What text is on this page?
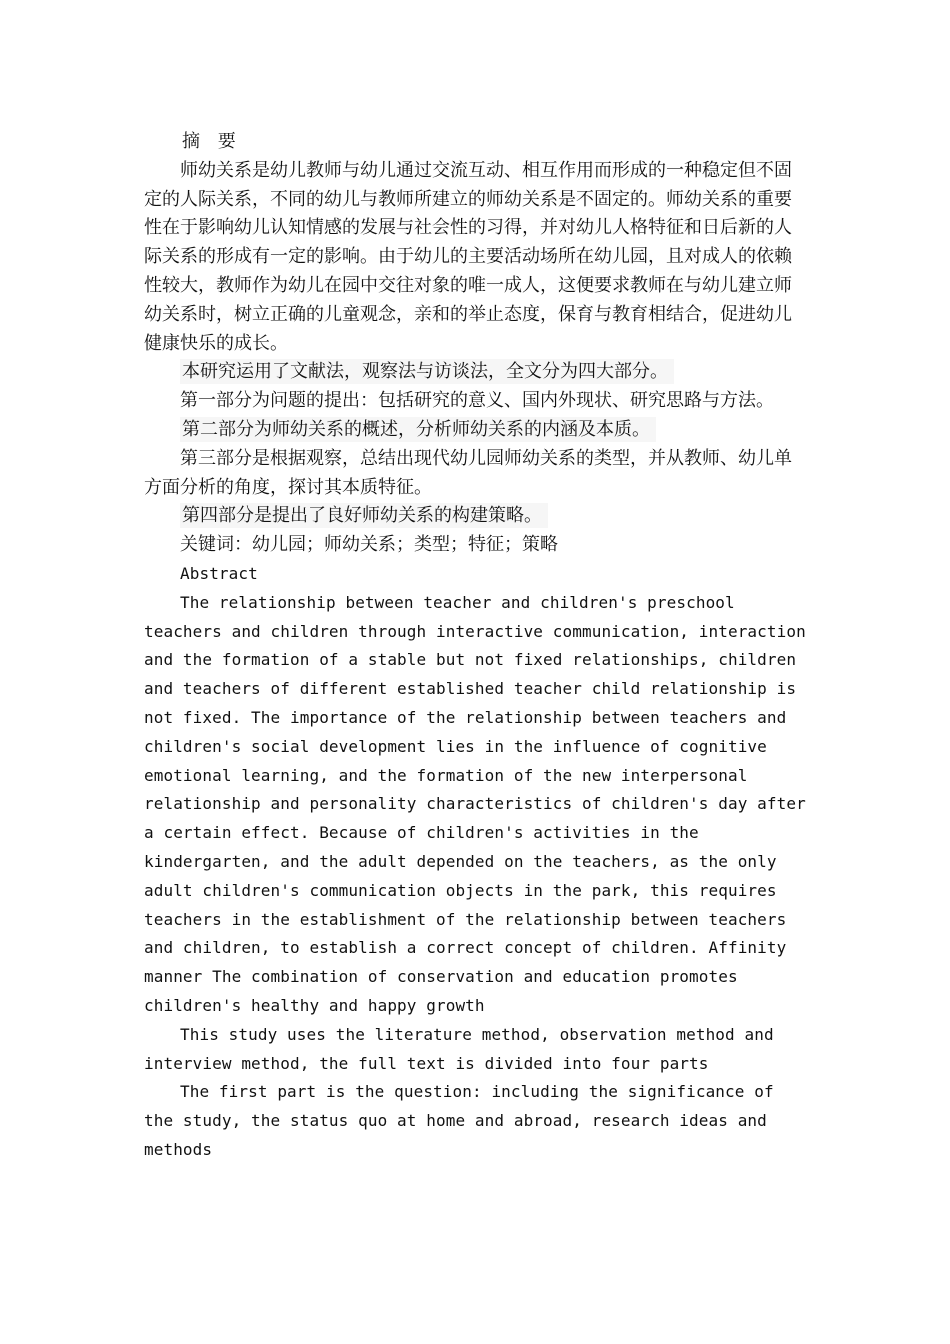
摘 要

师幼关系是幼儿教师与幼儿通过交流互动、相互作用而形成的一种稳定但不固定的人际关系，不同的幼儿与教师所建立的师幼关系是不固定的。师幼关系的重要性在于影响幼儿认知情感的发展与社会性的习得，并对幼儿人格特征和日后新的人际关系的形成有一定的影响。由于幼儿的主要活动场所在幼儿园，且对成人的依赖性较大，教师作为幼儿在园中交往对象的唯一成人，这便要求教师在与幼儿建立师幼关系时，树立正确的儿童观念，亲和的举止态度，保育与教育相结合，促进幼儿健康快乐的成长。

本研究运用了文献法，观察法与访谈法，全文分为四大部分。

第一部分为问题的提出：包括研究的意义、国内外现状、研究思路与方法。

第二部分为师幼关系的概述，分析师幼关系的内涵及本质。

第三部分是根据观察，总结出现代幼儿园师幼关系的类型，并从教师、幼儿单方面分析的角度，探讨其本质特征。

第四部分是提出了良好师幼关系的构建策略。

关键词：幼儿园；师幼关系；类型；特征；策略

Abstract

The relationship between teacher and children's preschool teachers and children through interactive communication, interaction and the formation of a stable but not fixed relationships, children and teachers of different established teacher child relationship is not fixed. The importance of the relationship between teachers and children's social development lies in the influence of cognitive emotional learning, and the formation of the new interpersonal relationship and personality characteristics of children's day after a certain effect. Because of children's activities in the kindergarten, and the adult depended on the teachers, as the only adult children's communication objects in the park, this requires teachers in the establishment of the relationship between teachers and children, to establish a correct concept of children. Affinity manner The combination of conservation and education promotes children's healthy and happy growth

This study uses the literature method, observation method and interview method, the full text is divided into four parts

The first part is the question: including the significance of the study, the status quo at home and abroad, research ideas and methods
